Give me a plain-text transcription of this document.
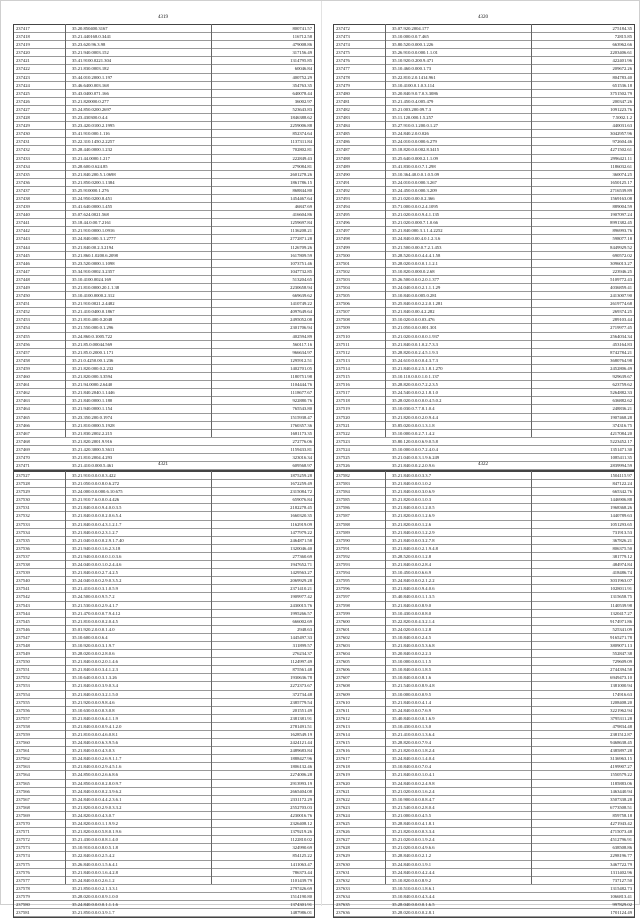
4319
237417	35.20.850400.3167	800741.57
237418	35.21.440168.0.3441	116712.58
237419	35.23.620.96.3.98	479008.86
237420	35.21.940.0003.152	317156.49
237421	35.41.9100.0221.304	1314795.85
237422	35.21.830.0003.182	60046.84
237423	35.44.010.2000.1.197	400752.29
237424	35.46.6400.003.168	354763.35
237425	35.43.0400.071.166	640078.44
237426	35.21.820000.0.277	36002.97
237427	35.24.850.0200.2697	523643.83
237428	35.23.430300.0.4.4	1846388.62
237429	35.23.420.0100.2.1995	2259006.88
237430	35.41.910.000.1.116	852374.64
237431	35.22.310.1450.2.2257	1137311.84
237432	35.28.440.0000.1.232	702802.81
237433	35.21.44.0000.1.217	222849.43
237434	35.28.600.0.624.85	279084.81
237435	35.21.840.200.5.1.0698	2601278.26
237436	35.21.850.0200.1.1384	1861786.15
237437	35.25.910000.1.276	868844.80
237438	35.24.950.0200.8.451	1454467.64
237439	35.41.640.0000.1.455	46847.69
237440	35.07.624.0021.568	416604.86
237441	35.18.44.0.00.7.2161	1259697.84
237442	35.21.910.0000.1.0916	1136208.21
237443	35.24.840.000.3.1.2777	2772871.28
237444	35.21.840.00.2.3.2194	1126709.26
237445	35.21.860.1.0200.6.2098	1617809.59
237446	35.23.520.0000.1.1098	1073751.46
237447	35.34.910.0002.3.2357	1047732.85
237448	35.10.4100.0024.169	513204.65
237449	35.21.810.0000.20.1.1.38	2230658.94
237450	35.10.4100.0000.2.312	669639.62
237451	35.21.910.0021.2.4482	1410749.22
237452	35.21.410.0400.0.1867	4097649.64
237453	35.21.810.400.0.2048	2495052.08
237454	35.21.550.000.0.1.296	2301706.94
237455	35.24.860.0.1005.722	402594.89
237456	35.21.85.0.00044.569	560117.16
237457	35.21.85.0.2000.1.171	966634.97
237458	35.21.0.4250.00.1.236	1295912.51
237459	35.21.820.000.0.2.232	1402701.05
237460	35.21.820.000.3.3594	1180751.98
237461	35.21.94.0000.2.6440	1104444.76
237462	35.21.840.2040.1.1446	1118677.67
237463	35.21.840.0000.1.180	922880.76
237464	35.21.940.0000.1.154	765543.80
237465	35.23.350.200.0.1974	1515938.47
237466	35.21.810.0000.5.1928	1760357.36
237467	35.21.830.2002.2.215	1681173.35
237468	35.21.820.2001.9.916	272776.06
237469	35.21.420.3000.5.3611	1159433.81
237470	35.21.810.2004.4.293	323016.34
237471	35.21.410.0.000.5.461	609568.97
4320
237472	35.07.920.2004.177	275184.35
237473	35.10.000.0.0.7.465	72815.85
237474	35.80.520.0.000.1.226	663962.66
237475	35.26.910.0.0.000.1.1.01	2203406.61
237476	35.10.920.0.200.9.471	422401.96
237477	35.10.460.0.000.1.73	209672.26
237478	35.22.810.2.0.1414.961	804783.40
237479	35.10.4100.0.1.0.3.114	651536.18
237480	35.20.840.9.0.7.0.3.3086	3751502.79
237481	35.21.450.0.4.005.479	200347.26
237482	35.21.003.200.09.7.3	1091223.76
237483	35.11.120.000.1.5.257	7.5002.1.2
237484	35.27.910.0.1.200.0.1.27	440031.63
237485	35.24.840.2.0.0.026	3042957.96
237486	35.24.010.0.0.000.6.279	972604.46
237487	35.18.820.0.0.002.8.3415	4271502.61
237488	35.25.640.0.000.2.1.1.09	2996421.11
237489	35.41.830.0.0.0.7.1.298	1186032.61
237490	35.10.364.40.0.0.1.0.5.09	360074.25
237491	35.24.010.0.0.000.3.267	1650125.17
237492	35.24.450.0.0.000.3.209	2716539.89
237493	35.21.020.0.00.0.2.366	1569163.08
237494	35.71.000.0.0.0.2.4.1095	889004.59
237495	35.21.020.0.0.0.9.4.1.135	1907097.24
237496	35.21.020.0.000.7.1.0.66	8991382.45
237497	35.21.840.000.3.1.1.4.2252	896993.76
237498	35.24.840.0.00.4.0.1.2.3.6	598077.18
237499	35.21.500.0.00.0.7.2.1.453	8449929.52
237500	35.28.520.0.0.0.4.4.4.1.58	690572.02
237501	35.28.020.0.0.0.0.1.1.2.1	3096013.27
237502	35.10.820.0.000.0.2.68	223946.25
237503	35.26.500.0.0.0.2.0.1.377	5109772.43
237504	35.24.040.0.0.0.2.1.1.1.29	4036859.41
237505	35.10.840.0.0.005.0.281	2413007.90
237506	35.25.840.0.0.0.2.2.0.1.281	2619774.68
237507	35.21.840.0.00.4.2.282	269374.25
237508	35.10.020.0.0.0.03.476	289103.44
237509	35.21.050.0.0.0.001.301	2719977.45
237510	35.21.020.0.0.0.0.0.1.937	2564034.34
237511	35.21.840.0.0.1.0.2.7.3.3	453164.83
237512	35.28.820.0.0.2.4.5.1.9.3	8742784.21
237513	35.24.610.0.0.0.0.4.3.7.3	3680764.98
237514	35.21.840.0.0.2.5.1.8.1.270	2452806.49
237515	35.10.110.0.0.0.1.0.1.137	929639.67
237516	35.28.820.0.0.0.7.2.2.3.5	623759.62
237517	35.24.540.0.0.0.2.1.8.1.0	5264882.33
237518	35.28.020.0.0.0.0.0.4.5.0.2	636882.62
237519	35.10.030.0.7.7.8.1.0.4	248836.21
237520	35.21.820.0.0.0.2.0.9.4.4	1907468.28
237521	35.85.020.0.0.0.1.3.1.8	374316.75
237522	35.10.000.0.0.2.7.1.4.2	4217084.20
237523	35.80.120.0.0.0.6.9.0.5.8	5223452.17
237524	35.10.000.0.0.0.7.2.4.0.4	1351471.30
237525	35.21.040.0.0.3.1.9.6.249	1085411.35
237526	35.21.840.0.0.2.2.0.9.6	2839994.59
4321
237527	35.21.910.0.0.0.0.3.422	1875259.28
237528	35.21.050.0.0.0.8.0.6.272	1672259.49
237529	35.24.000.0.0.000.6.10.675	2315084.72
237530	35.21.910.7.6.0.0.0.4.426	659076.84
237531	35.21.840.0.0.0.9.4.0.0.3.5	2182278.45
237532	35.21.840.0.0.0.0.2.0.6.5.4	1660320.35
237533	35.21.840.0.0.0.4.3.1.2.1.7	1162919.09
237534	35.21.840.0.0.0.2.3.1.2.7	1477979.22
237535	35.21.040.0.0.0.0.2.9.1.7.40	2464871.58
237536	35.21.940.0.0.0.1.6.2.3.18	1320046.40
237537	35.21.940.0.0.0.0.0.1.0.3.6	277360.69
237538	35.24.040.0.0.0.1.0.2.4.4.6	1947652.71
237539	35.21.840.0.0.0.2.7.4.2.5	1429563.27
237540	35.24.040.0.0.0.2.9.0.3.5.2	2069929.28
237541	35.21.410.0.0.0.3.1.0.5.9	2371410.21
237542	35.24.500.0.0.0.9.5.7.2	1909977.42
237543	35.21.530.0.0.0.2.9.4.1.7	2430015.76
237544	35.21.470.0.0.0.0.7.9.4.12	1995266.57
237545	35.21.810.0.0.0.0.2.0.4.5	666002.69
237546	35.01.920.2.0.0.0.1.4.0	2948.63
237547	35.10.600.0.0.0.6.4	1445497.33
237548	35.10.920.0.0.0.3.1.9.7	311899.57
237549	35.28.020.0.0.0.2.8.0.6	276234.37
237550	35.21.840.0.0.0.2.0.1.4.6	1124997.49
237551	35.21.840.0.0.0.3.4.1.2.3	875561.48
237552	35.10.640.0.0.0.3.1.3.26	1930636.78
237553	35.21.840.0.0.0.3.9.0.3.4	2272373.67
237554	35.21.840.0.0.0.3.2.1.5.0	372734.48
237555	35.21.920.0.0.0.9.8.4.6	2385779.54
237556	35.10.630.0.0.0.0.3.0.8	201551.49
237557	35.21.840.0.0.0.6.4.1.1.9	2381381.91
237558	35.21.840.0.0.0.0.9.4.1.2.0	2781491.51
237559	35.21.810.0.0.0.4.6.0.8.1	1628549.19
237560	35.24.840.0.0.0.6.3.9.5.6	2424121.44
237561	35.21.840.0.0.0.4.3.0.3	2489683.84
237562	35.24.840.0.0.0.2.6.9.1.1.7	1888427.96
237563	35.21.840.0.0.0.2.9.4.5.1.6	1806132.46
237564	35.24.850.0.0.0.2.6.6.8.6	2274006.28
237565	35.24.850.0.0.0.0.2.8.0.9.7	2913993.19
237566	35.24.840.0.0.0.0.2.3.9.6.2	2665404.08
237567	35.24.840.0.0.0.4.4.2.3.6.1	2331172.29
237568	35.21.820.0.0.0.2.9.0.3.3.2	2552703.03
237569	35.24.820.0.0.0.4.3.0.7	4230016.76
237570	35.24.820.0.0.0.1.1.9.9.2	2326408.12
237571	35.21.820.0.0.0.5.8.0.1.9.6	1379219.26
237572	35.21.430.0.0.0.0.8.1.4.0	1122810.02
237573	35.10.910.0.0.0.8.0.5.1.8	324990.69
237574	35.22.840.0.0.0.2.5.4.2	854125.22
237575	35.26.840.0.0.0.1.5.6.4.1	1411063.47
237576	35.21.840.0.0.0.1.6.4.2.8	786373.44
237577	35.24.840.0.0.0.2.6.1.2	1101439.79
237578	35.21.850.0.0.0.2.1.3.3.1	2797426.69
237579	35.28.020.0.0.0.0.9.1.0.0	1514190.80
237580	35.24.840.0.0.0.0.1.1.1.6	1374301.91
237581	35.21.850.0.0.0.3.9.1.7	1487986.01
4322
237582	35.21.840.0.0.0.3.3.7	1504115.97
237583	35.21.840.0.0.0.1.0.2	847122.24
237584	35.21.840.0.0.0.3.0.6.9	665342.76
237585	35.21.820.0.0.0.1.0.3	1446906.88
237586	35.21.840.0.0.0.1.2.0.5	1968368.26
237587	35.21.820.0.0.0.1.2.6.9	1440789.63
237588	35.21.820.0.0.0.1.2.6	1051293.65
237589	35.21.840.0.0.0.1.2.2.9	731913.53
237590	35.21.840.0.0.0.3.2.7.8	367826.21
237591	35.21.840.0.0.0.2.1.9.4.8	806375.50
237592	35.28.520.0.0.0.1.2.8	381779.12
237593	35.21.840.0.0.0.2.8.4	484974.84
237594	35.10.450.0.0.0.6.6.9	418486.74
237595	35.24.840.0.0.0.2.1.2.2	3031963.07
237596	35.21.840.0.0.0.9.4.0.6	1028011.91
237597	35.40.840.0.0.0.1.1.3.5	1315658.75
237598	35.21.840.0.0.0.8.9.0	1140539.98
237599	35.10.430.0.0.0.0.8.0	1320417.27
237600	35.22.820.0.0.4.3.2.1.4	9174971.86
237601	35.24.020.0.0.0.1.2.8	525341.09
237602	35.10.840.0.0.0.2.4.5	9165271.78
237603	35.21.840.0.0.0.5.3.6.8	3809071.13
237604	35.20.840.0.0.0.2.2.3	552847.38
237605	35.10.000.0.0.0.1.1.5	729609.09
237606	35.10.840.0.0.0.1.8.5	2744394.58
237607	35.10.840.0.0.0.8.1.6	6949473.10
237608	35.21.540.0.0.0.8.9.4.8	1381000.94
237609	35.10.000.0.0.0.0.9.5	174916.63
237610	35.21.840.0.0.0.4.1.4	1208408.20
237611	35.24.840.0.0.0.7.6.9	3221962.94
237612	35.40.840.0.0.0.0.1.6.9	3795311.28
237613	35.10.430.0.0.0.1.3.0	479834.48
237614	35.21.410.0.0.0.1.3.6.4	2381512.87
237615	35.28.820.0.0.0.7.9.4	9468638.45
237616	35.21.820.0.0.0.1.8.2.4	4385897.28
237617	35.24.840.0.0.0.1.4.0.4	3136963.15
237618	35.10.840.0.0.0.7.0.4	4199907.27
237619	35.21.840.0.0.0.1.0.4.1	1550579.22
237620	35.24.840.0.0.0.2.4.9.8	1185883.06
237621	35.21.020.0.0.0.1.6.2.4	1463440.94
237622	35.10.900.0.0.0.0.8.4.7	3507338.28
237623	35.21.540.0.0.0.2.8.0.4	6773508.51
237624	35.21.000.0.0.0.4.5.5	859758.18
237625	35.28.840.0.0.0.4.1.8.1	4271943.42
237626	35.21.820.0.0.0.0.3.3.4	4715073.48
237627	35.21.020.0.0.0.1.9.2.4	4512796.91
237628	35.21.020.0.0.0.4.9.6.6	638508.86
237629	35.28.840.0.0.0.2.1.2	2298196.77
237630	35.24.840.0.0.0.1.9.1	3467722.79
237631	35.24.840.0.0.0.4.2.4.4	1311402.96
237632	35.10.820.0.0.0.8.9.2	737127.50
237633	35.10.510.0.0.0.1.8.6.1	1315482.73
237634	35.10.840.0.0.0.4.3.4.4	1066813.41
237635	35.28.040.0.0.0.0.1.6.5	997829.02
237636	35.28.020.0.0.0.0.2.8.1	1701124.49
